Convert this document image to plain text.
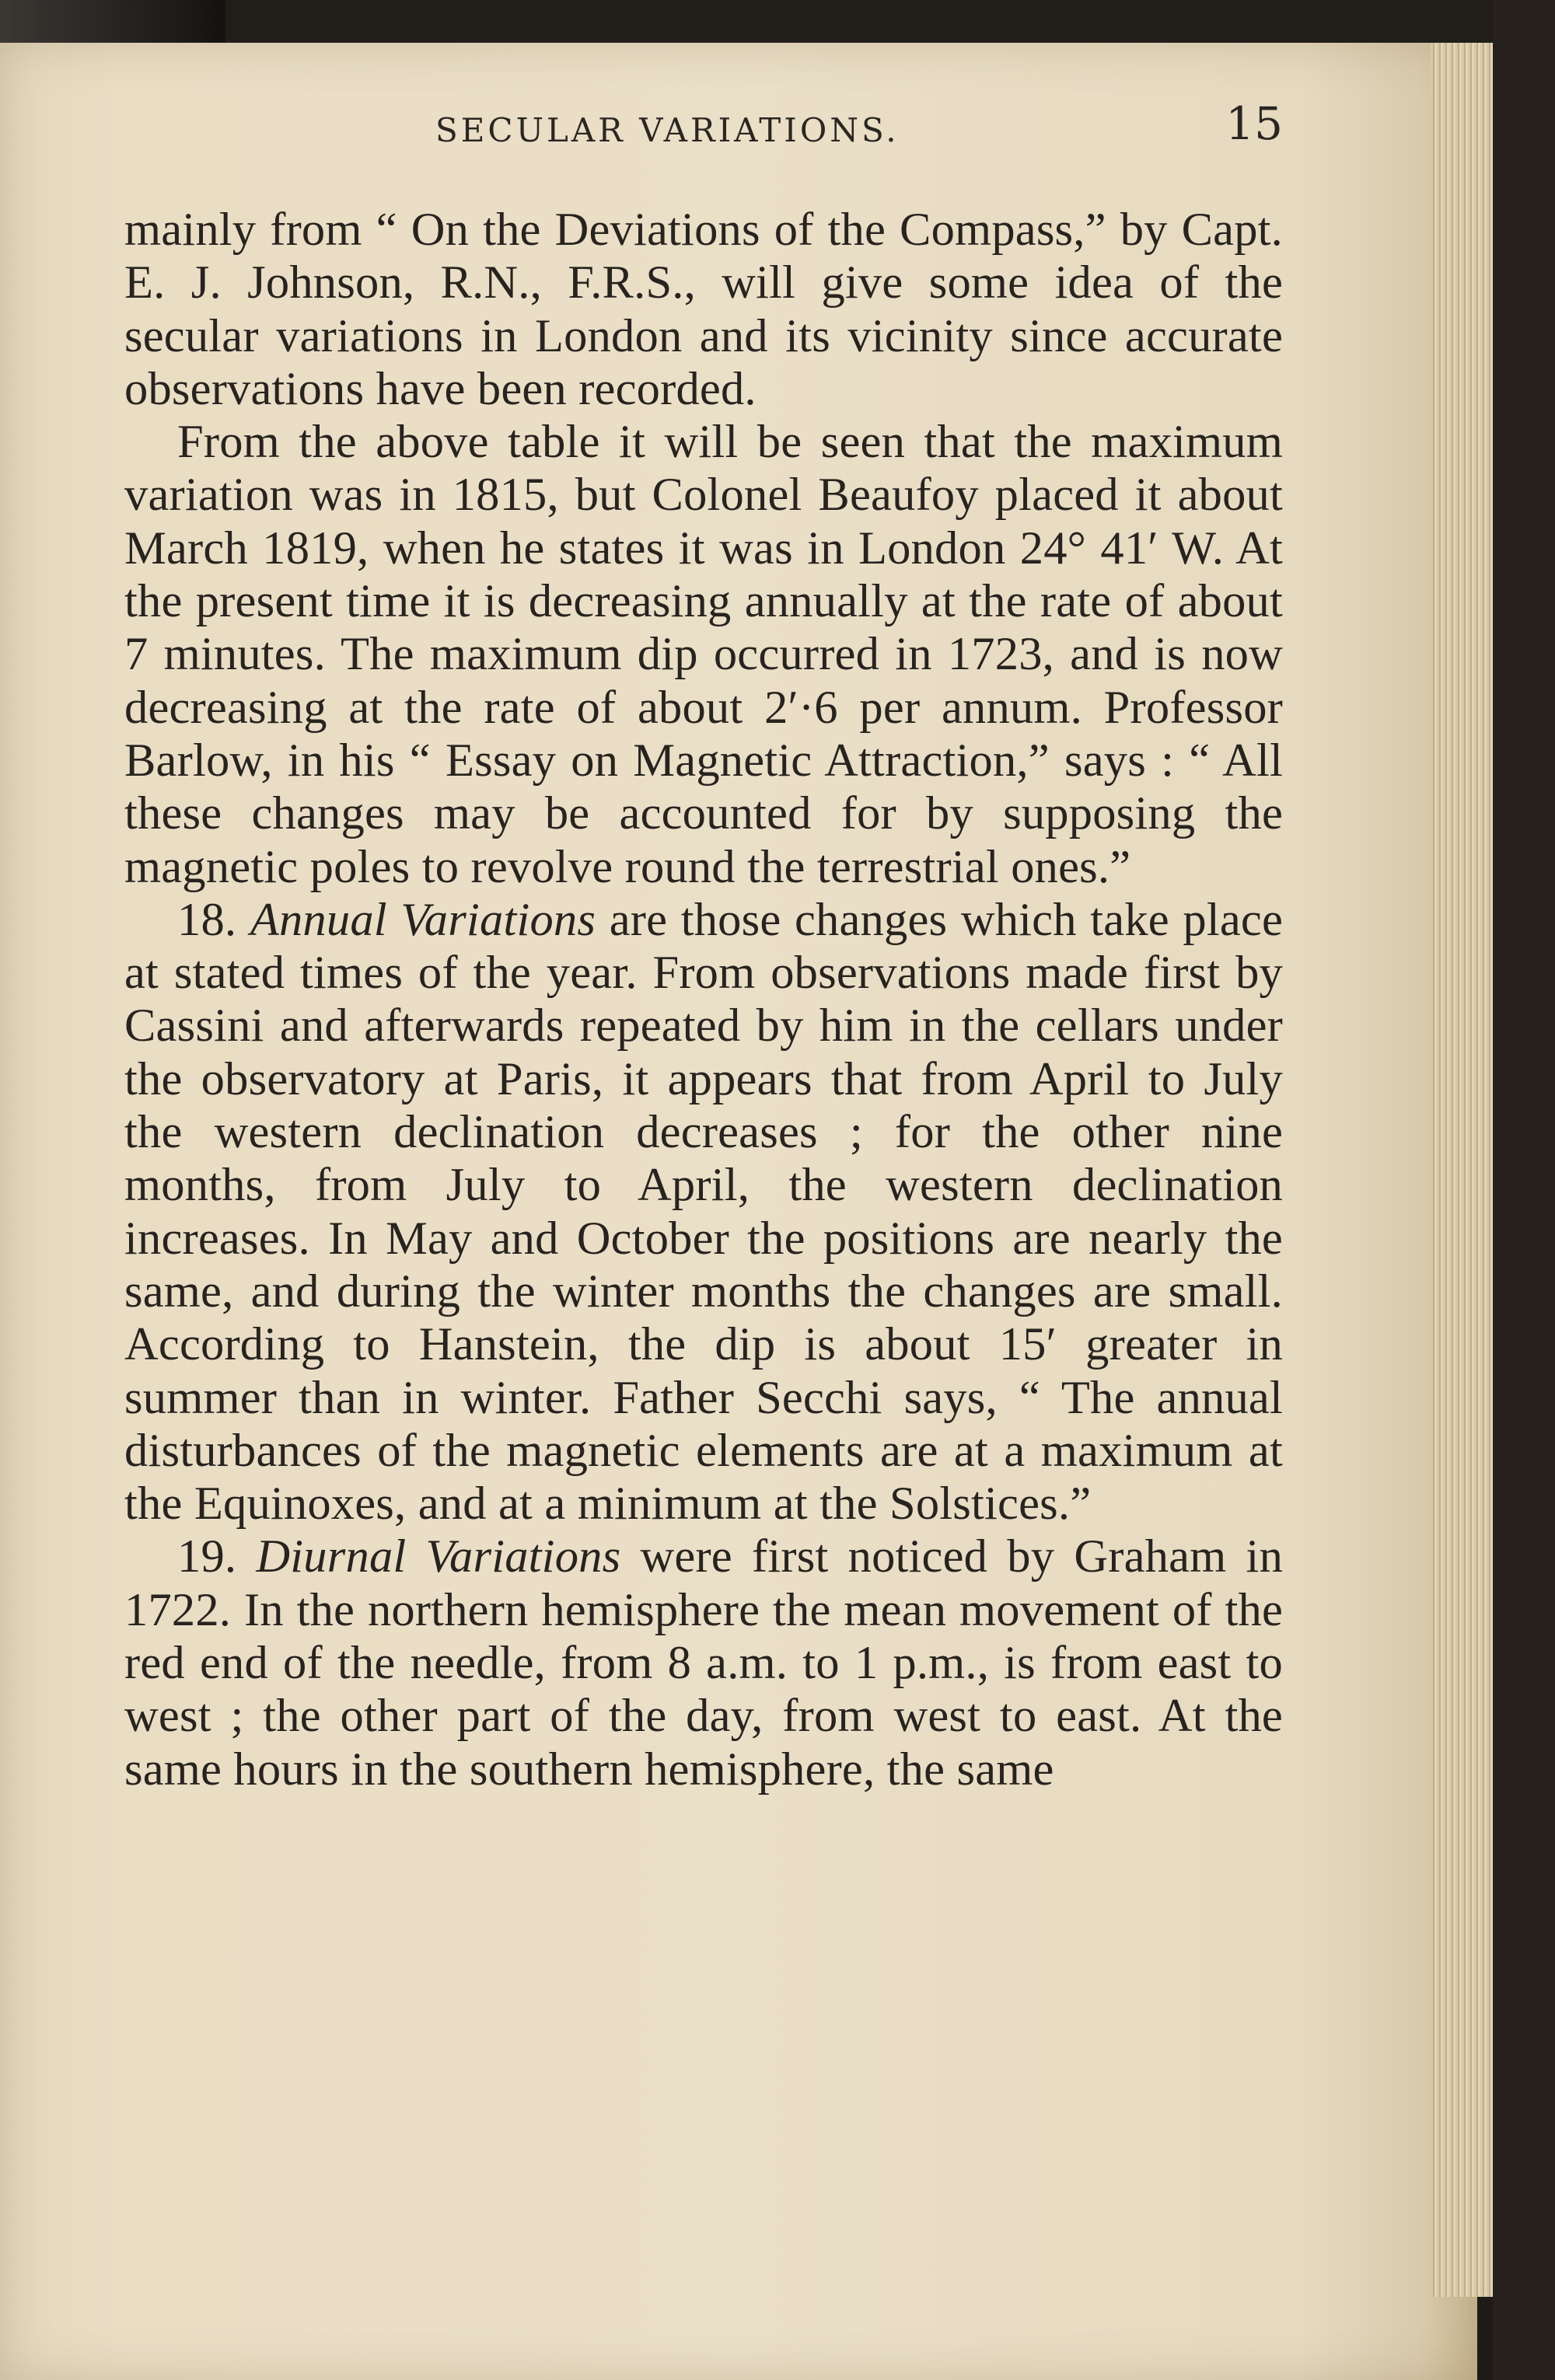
SECULAR VARIATIONS.	15

mainly from “ On the Deviations of the Compass,” by Capt. E. J. Johnson, R.N., F.R.S., will give some idea of the secular variations in London and its vicinity since accurate observations have been recorded.

From the above table it will be seen that the maximum variation was in 1815, but Colonel Beaufoy placed it about March 1819, when he states it was in London 24° 41′ W. At the present time it is decreasing annually at the rate of about 7 minutes. The maximum dip occurred in 1723, and is now decreasing at the rate of about 2′·6 per annum. Professor Barlow, in his “ Essay on Magnetic Attraction,” says : “ All these changes may be accounted for by supposing the magnetic poles to revolve round the terrestrial ones.”

18. Annual Variations are those changes which take place at stated times of the year. From observations made first by Cassini and afterwards repeated by him in the cellars under the observatory at Paris, it appears that from April to July the western declination decreases ; for the other nine months, from July to April, the western declination increases. In May and October the positions are nearly the same, and during the winter months the changes are small. According to Hanstein, the dip is about 15′ greater in summer than in winter. Father Secchi says, “ The annual disturbances of the magnetic elements are at a maximum at the Equinoxes, and at a minimum at the Solstices.”

19. Diurnal Variations were first noticed by Graham in 1722. In the northern hemisphere the mean movement of the red end of the needle, from 8 a.m. to 1 p.m., is from east to west ; the other part of the day, from west to east. At the same hours in the southern hemisphere, the same
